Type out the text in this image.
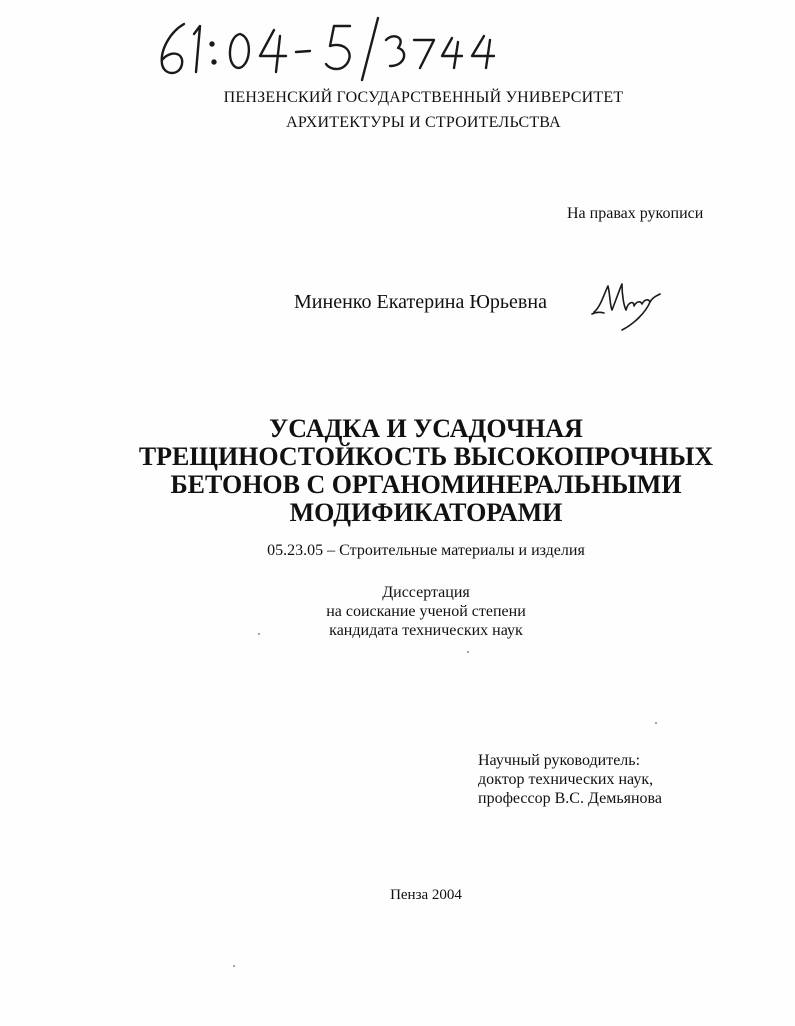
ПЕНЗЕНСКИЙ ГОСУДАРСТВЕННЫЙ УНИВЕРСИТЕТ
АРХИТЕКТУРЫ И СТРОИТЕЛЬСТВА
На правах рукописи
Миненко Екатерина Юрьевна
УСАДКА И УСАДОЧНАЯ
ТРЕЩИНОСТОЙКОСТЬ ВЫСОКОПРОЧНЫХ
БЕТОНОВ С ОРГАНОМИНЕРАЛЬНЫМИ
МОДИФИКАТОРАМИ
05.23.05 – Строительные материалы и изделия
Диссертация
на соискание ученой степени
кандидата технических наук
Научный руководитель:
доктор технических наук,
профессор В.С. Демьянова
Пенза 2004
